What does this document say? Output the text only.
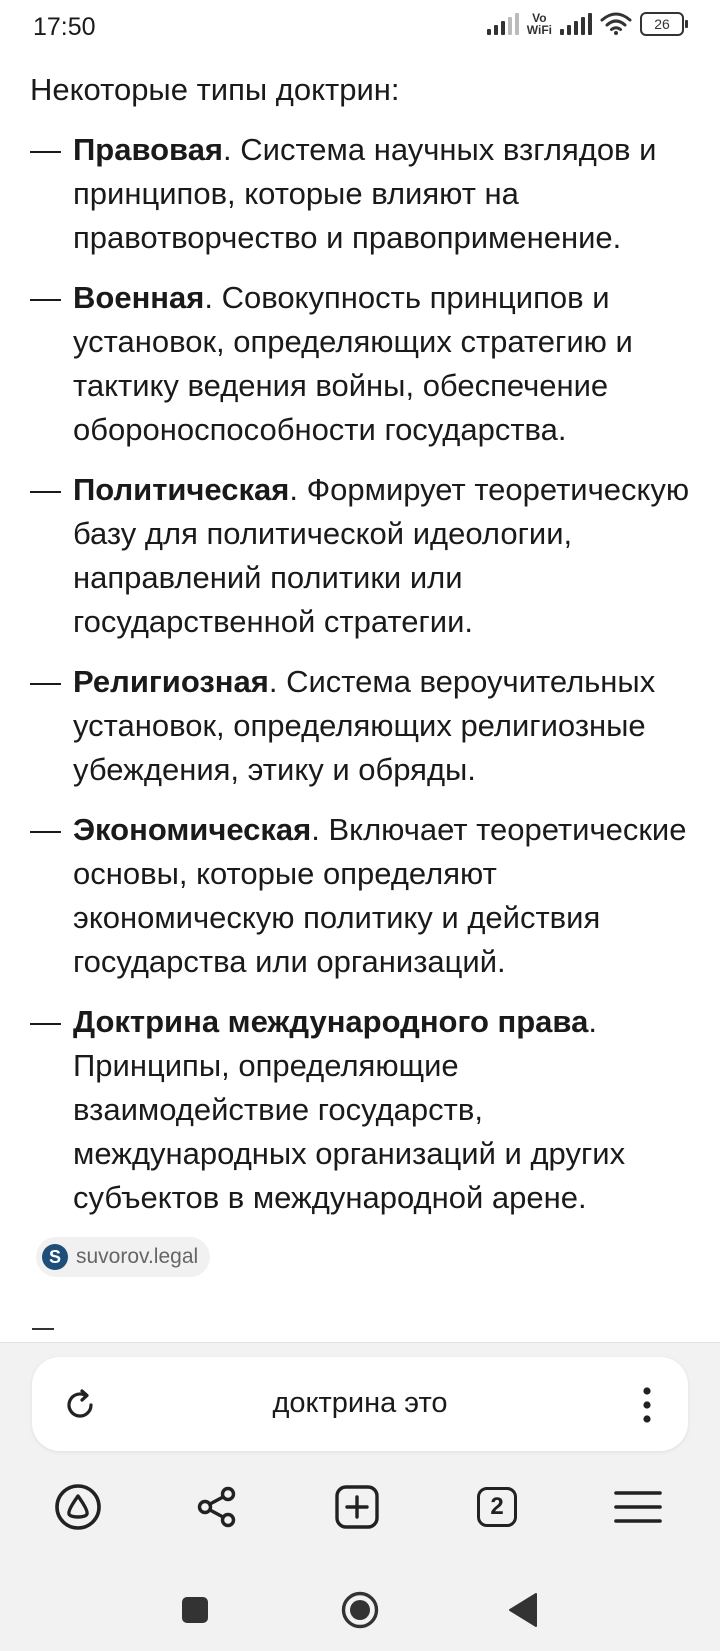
17:50	Vo
WiFi	26

Некоторые типы доктрин:

— Правовая. Система научных взглядов и принципов, которые влияют на правотворчество и правоприменение.
— Военная. Совокупность принципов и установок, определяющих стратегию и тактику ведения войны, обеспечение обороноспособности государства.
— Политическая. Формирует теоретическую базу для политической идеологии, направлений политики или государственной стратегии.
— Религиозная. Система вероучительных установок, определяющих религиозные убеждения, этику и обряды.
— Экономическая. Включает теоретические основы, которые определяют экономическую политику и действия государства или организаций.
— Доктрина международного права. Принципы, определяющие взаимодействие государств, международных организаций и других субъектов в международной арене.
S suvorov.legal
доктрина это
2
